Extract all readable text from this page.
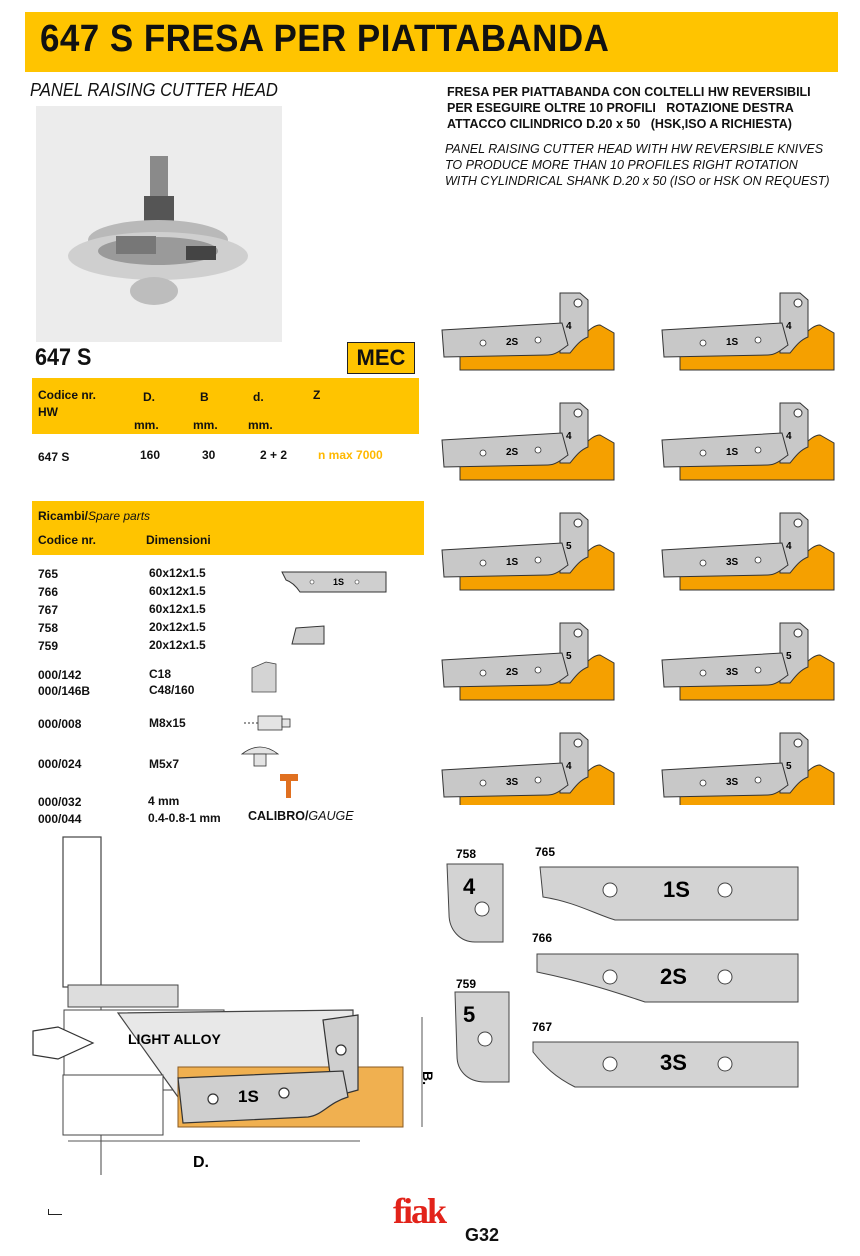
647 S FRESA PER PIATTABANDA
PANEL RAISING CUTTER HEAD	FRESA PER PIATTABANDA CON COLTELLI HW REVERSIBILI
PER ESEGUIRE OLTRE 10 PROFILI ROTAZIONE DESTRA
ATTACCO CILINDRICO D.20 x 50 (HSK,ISO A RICHIESTA)
PANEL RAISING CUTTER HEAD WITH HW REVERSIBLE KNIVES
TO PRODUCE MORE THAN 10 PROFILES RIGHT ROTATION
WITH CYLINDRICAL SHANK D.20 x 50 (ISO or HSK ON REQUEST)
647 S	MEC
Codice nr.
HW
D.	B	d.	Z
mm.	mm.	mm.
647 S	160	30	2 + 2	n max 7000
Ricambi/Spare parts
Codice nr.	Dimensioni
765	60x12x1.5
766	60x12x1.5
767	60x12x1.5
758	20x12x1.5
759	20x12x1.5
000/142	C18
000/146B	C48/160
000/008	M8x15
000/024	M5x7
000/032	4 mm
000/044	0.4-0.8-1 mm CALIBRO/GAUGE
1S
2S
4
1S
4
2S
4
1S
4
1S
5
3S
4
2S
5
3S
5
3S
4
3S
5
LIGHT ALLOY
1S
B.
D.
758
4
759
5
765
1S
766
2S
767
3S
fiak
G32
